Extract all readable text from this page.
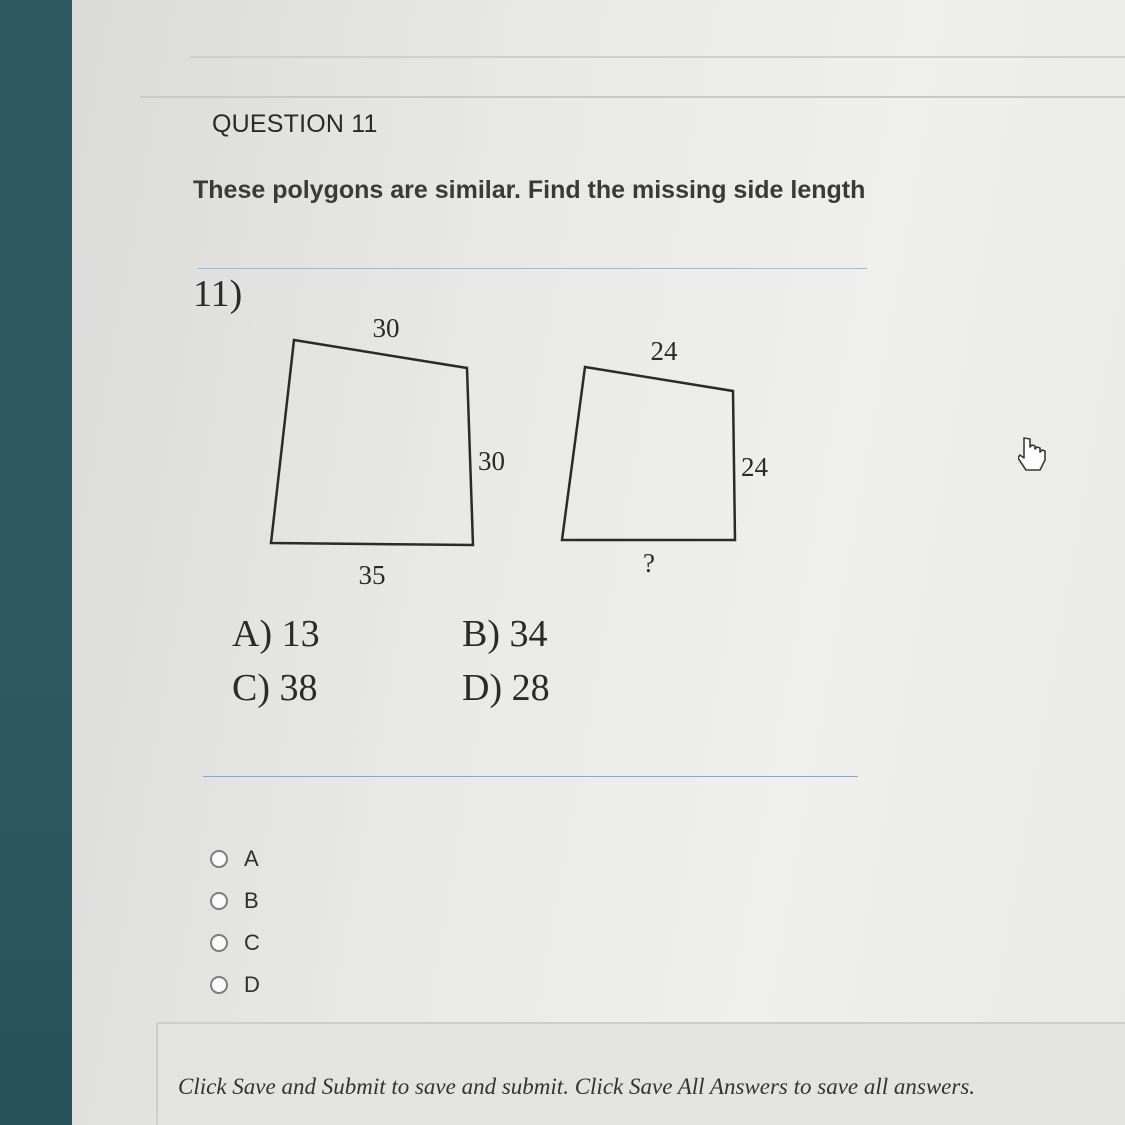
QUESTION 11
These polygons are similar. Find the missing side length
11)
30
30
35
24
24
?
A) 13	B) 34
C) 38	D) 28
A
B
C
D
Click Save and Submit to save and submit. Click Save All Answers to save all answers.
